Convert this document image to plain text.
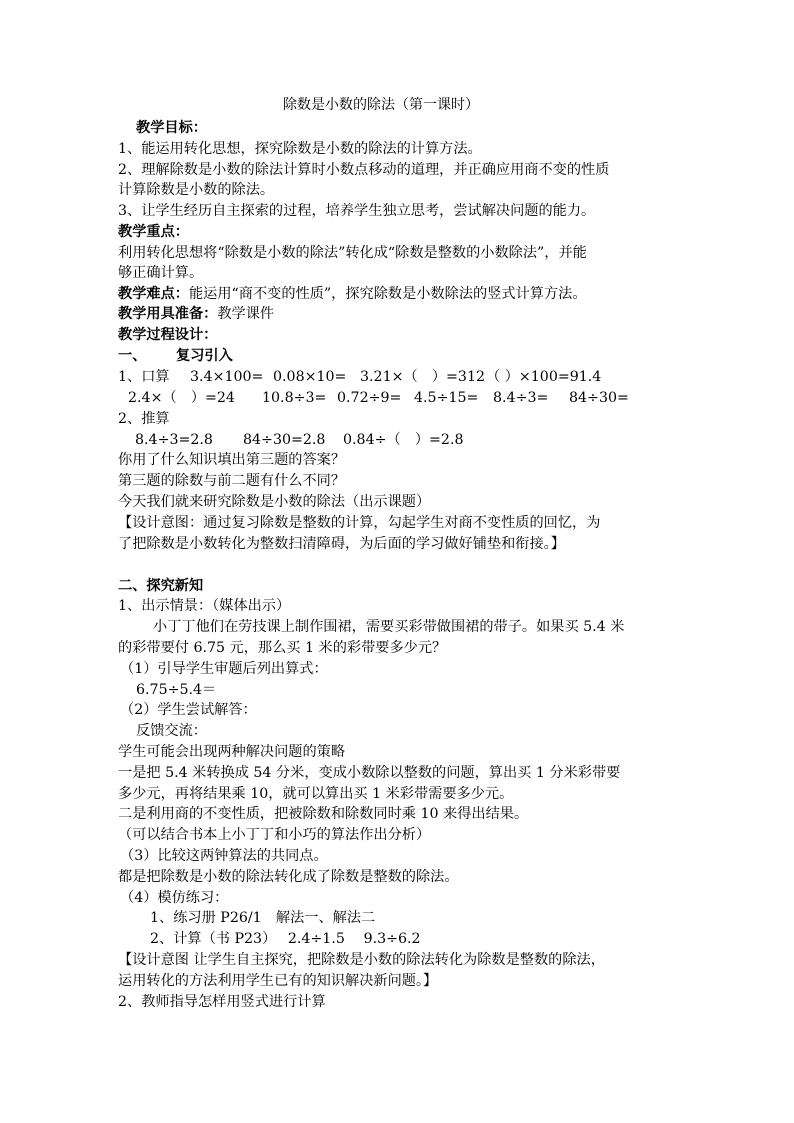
除数是小数的除法（第一课时）
教学目标：
1、能运用转化思想，探究除数是小数的除法的计算方法。
2、理解除数是小数的除法计算时小数点移动的道理，并正确应用商不变的性质
计算除数是小数的除法。
3、让学生经历自主探索的过程，培养学生独立思考，尝试解决问题的能力。
教学重点：
利用转化思想将“除数是小数的除法”转化成“除数是整数的小数除法”，并能
够正确计算。
教学难点：能运用“商不变的性质”，探究除数是小数除法的竖式计算方法。
教学用具准备：教学课件
教学过程设计：
一、 复习引入
1、口算 3.4×100= 0.08×10= 3.21×（　）=312 （ ）×100=91.4
2.4×（　）=24 10.8÷3= 0.72÷9= 4.5÷15= 8.4÷3= 84÷30=
2、推算
8.4÷3=2.8 84÷30=2.8 0.84÷（　）=2.8
你用了什么知识填出第三题的答案？
第三题的除数与前二题有什么不同？
今天我们就来研究除数是小数的除法（出示课题）
【设计意图：通过复习除数是整数的计算，勾起学生对商不变性质的回忆，为
了把除数是小数转化为整数扫清障碍，为后面的学习做好铺垫和衔接。】
二、探究新知
1、出示情景：（媒体出示）
小丁丁他们在劳技课上制作围裙，需要买彩带做围裙的带子。如果买 5.4 米
的彩带要付 6.75 元，那么买 1 米的彩带要多少元？
（1）引导学生审题后列出算式：
6.75÷5.4＝
（2）学生尝试解答：
反馈交流：
学生可能会出现两种解决问题的策略
一是把 5.4 米转换成 54 分米，变成小数除以整数的问题，算出买 1 分米彩带要
多少元，再将结果乘 10，就可以算出买 1 米彩带需要多少元。
二是利用商的不变性质，把被除数和除数同时乘 10 来得出结果。
（可以结合书本上小丁丁和小巧的算法作出分析）
（3）比较这两钟算法的共同点。
都是把除数是小数的除法转化成了除数是整数的除法。
（4）模仿练习：
1、练习册 P26/1　解法一、解法二
2、计算（书 P23）　 2.4÷1.5　 9.3÷6.2
【设计意图 让学生自主探究，把除数是小数的除法转化为除数是整数的除法，
运用转化的方法利用学生已有的知识解决新问题。】
2、教师指导怎样用竖式进行计算
